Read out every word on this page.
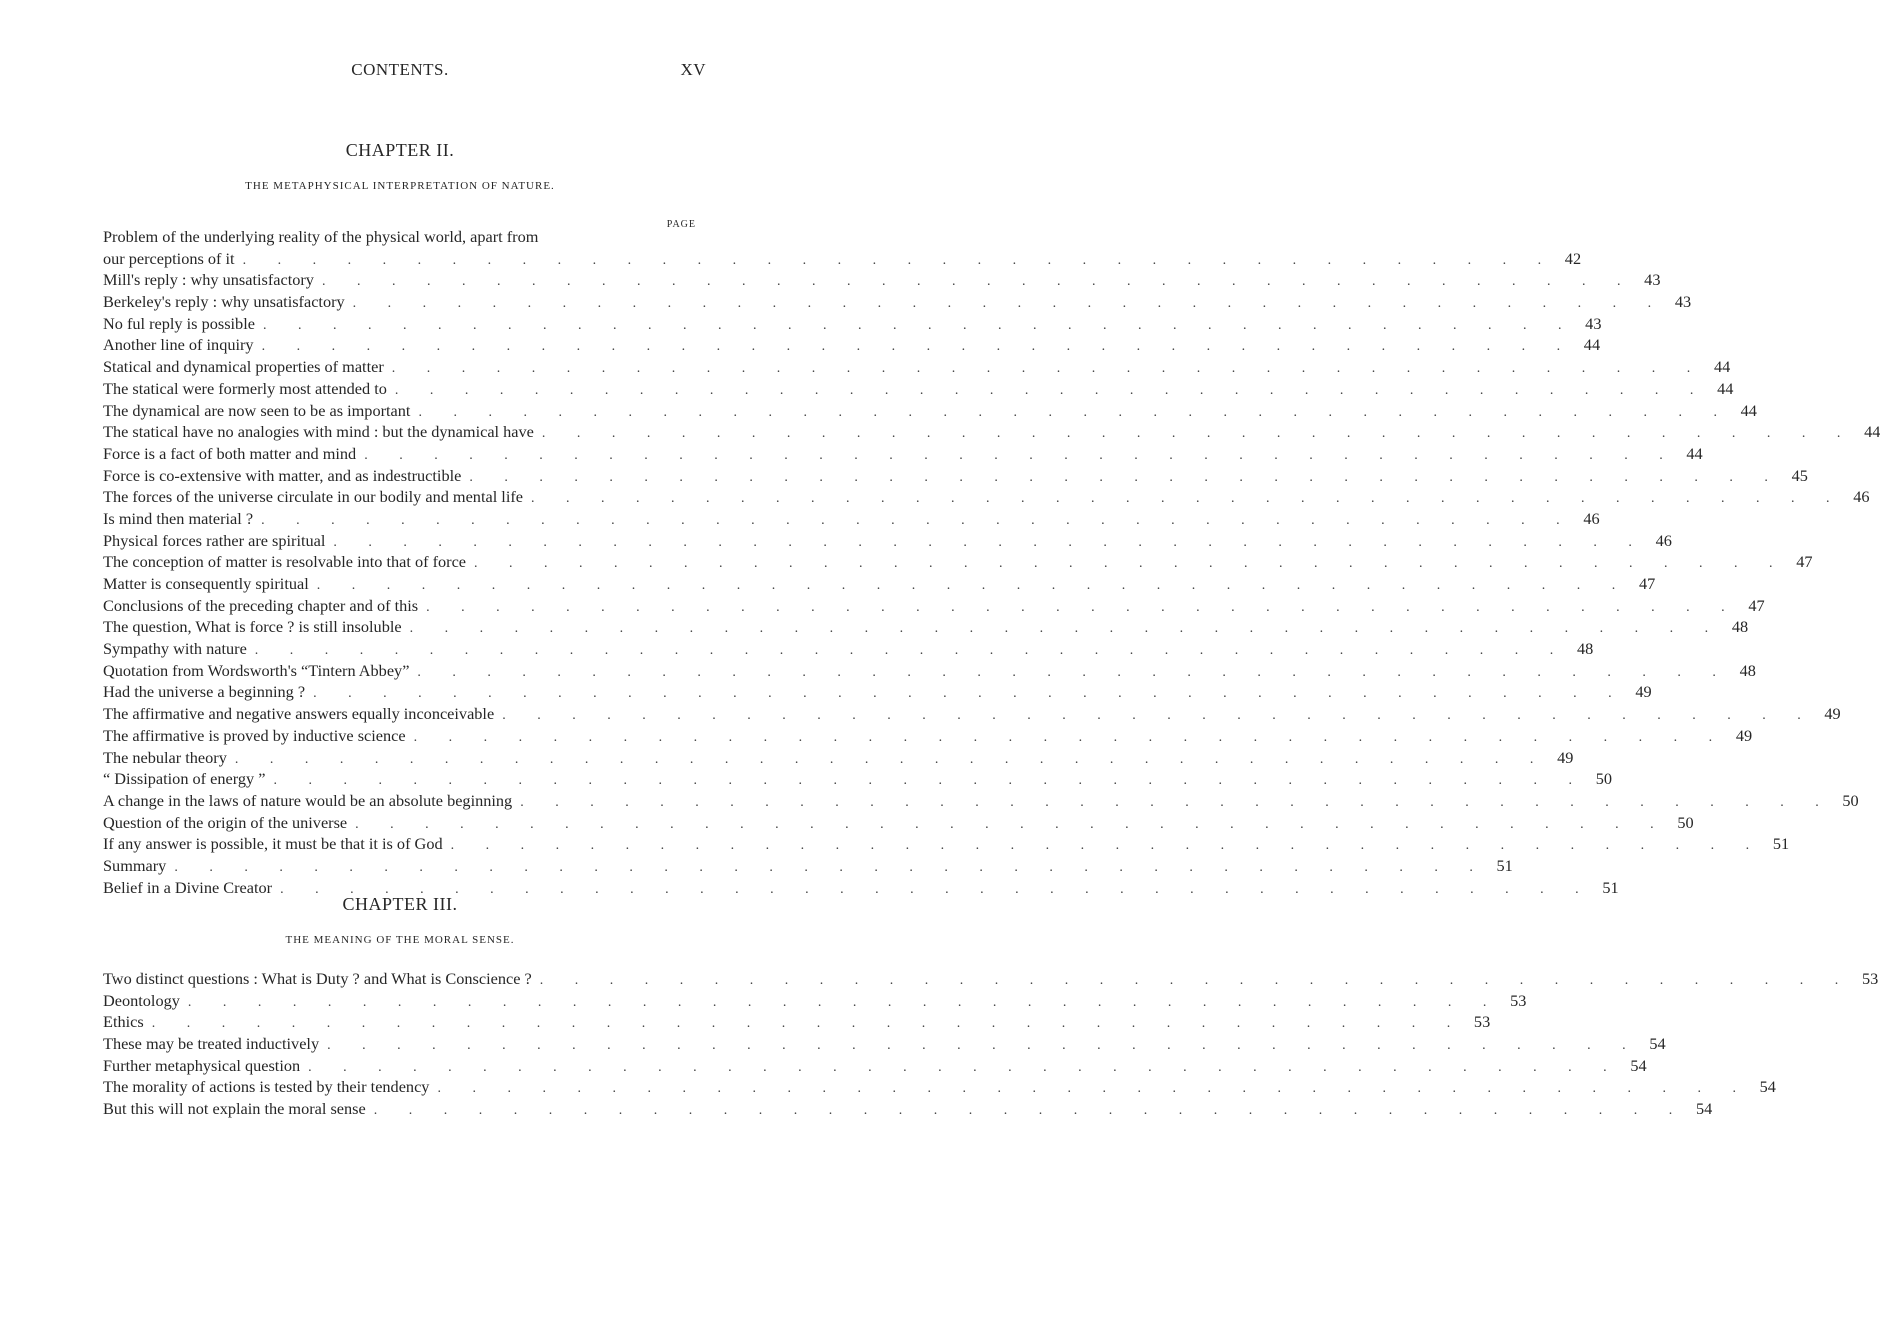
CONTENTS.	XV
CHAPTER II.
THE METAPHYSICAL INTERPRETATION OF NATURE.
PAGE
Problem of the underlying reality of the physical world, apart from
our perceptions of it . . . . . . . . . . . . . . . . . . . . . . . . . . . . . . . . . . . . . . 42
Mill's reply : why unsatisfactory . . . . . . . . . . . . . . . . . . . . . . . . . . . . . . . . . . . . . . 43
Berkeley's reply : why unsatisfactory . . . . . . . . . . . . . . . . . . . . . . . . . . . . . . . . . . . . . . 43
No ful reply is possible . . . . . . . . . . . . . . . . . . . . . . . . . . . . . . . . . . . . . . 43
Another line of inquiry . . . . . . . . . . . . . . . . . . . . . . . . . . . . . . . . . . . . . . 44
Statical and dynamical properties of matter . . . . . . . . . . . . . . . . . . . . . . . . . . . . . . . . . . . . . . 44
The statical were formerly most attended to . . . . . . . . . . . . . . . . . . . . . . . . . . . . . . . . . . . . . . 44
The dynamical are now seen to be as important . . . . . . . . . . . . . . . . . . . . . . . . . . . . . . . . . . . . . . 44
The statical have no analogies with mind : but the dynamical have . . . . . . . . . . . . . . . . . . . . . . . . . . . . . . . . . . . . . . 44
Force is a fact of both matter and mind . . . . . . . . . . . . . . . . . . . . . . . . . . . . . . . . . . . . . . 44
Force is co-extensive with matter, and as indestructible . . . . . . . . . . . . . . . . . . . . . . . . . . . . . . . . . . . . . . 45
The forces of the universe circulate in our bodily and mental life . . . . . . . . . . . . . . . . . . . . . . . . . . . . . . . . . . . . . . 46
Is mind then material ? . . . . . . . . . . . . . . . . . . . . . . . . . . . . . . . . . . . . . . 46
Physical forces rather are spiritual . . . . . . . . . . . . . . . . . . . . . . . . . . . . . . . . . . . . . . 46
The conception of matter is resolvable into that of force . . . . . . . . . . . . . . . . . . . . . . . . . . . . . . . . . . . . . . 47
Matter is consequently spiritual . . . . . . . . . . . . . . . . . . . . . . . . . . . . . . . . . . . . . . 47
Conclusions of the preceding chapter and of this . . . . . . . . . . . . . . . . . . . . . . . . . . . . . . . . . . . . . . 47
The question, What is force ? is still insoluble . . . . . . . . . . . . . . . . . . . . . . . . . . . . . . . . . . . . . . 48
Sympathy with nature . . . . . . . . . . . . . . . . . . . . . . . . . . . . . . . . . . . . . . 48
Quotation from Wordsworth's “Tintern Abbey” . . . . . . . . . . . . . . . . . . . . . . . . . . . . . . . . . . . . . . 48
Had the universe a beginning ? . . . . . . . . . . . . . . . . . . . . . . . . . . . . . . . . . . . . . . 49
The affirmative and negative answers equally inconceivable . . . . . . . . . . . . . . . . . . . . . . . . . . . . . . . . . . . . . . 49
The affirmative is proved by inductive science . . . . . . . . . . . . . . . . . . . . . . . . . . . . . . . . . . . . . . 49
The nebular theory . . . . . . . . . . . . . . . . . . . . . . . . . . . . . . . . . . . . . . 49
“ Dissipation of energy ” . . . . . . . . . . . . . . . . . . . . . . . . . . . . . . . . . . . . . . 50
A change in the laws of nature would be an absolute beginning . . . . . . . . . . . . . . . . . . . . . . . . . . . . . . . . . . . . . . 50
Question of the origin of the universe . . . . . . . . . . . . . . . . . . . . . . . . . . . . . . . . . . . . . . 50
If any answer is possible, it must be that it is of God . . . . . . . . . . . . . . . . . . . . . . . . . . . . . . . . . . . . . . 51
Summary . . . . . . . . . . . . . . . . . . . . . . . . . . . . . . . . . . . . . . 51
Belief in a Divine Creator . . . . . . . . . . . . . . . . . . . . . . . . . . . . . . . . . . . . . . 51
CHAPTER III.
THE MEANING OF THE MORAL SENSE.
Two distinct questions : What is Duty ? and What is Conscience ? . . . . . . . . . . . . . . . . . . . . . . . . . . . . . . . . . . . . . . 53
Deontology . . . . . . . . . . . . . . . . . . . . . . . . . . . . . . . . . . . . . . 53
Ethics . . . . . . . . . . . . . . . . . . . . . . . . . . . . . . . . . . . . . . 53
These may be treated inductively . . . . . . . . . . . . . . . . . . . . . . . . . . . . . . . . . . . . . . 54
Further metaphysical question . . . . . . . . . . . . . . . . . . . . . . . . . . . . . . . . . . . . . . 54
The morality of actions is tested by their tendency . . . . . . . . . . . . . . . . . . . . . . . . . . . . . . . . . . . . . . 54
But this will not explain the moral sense . . . . . . . . . . . . . . . . . . . . . . . . . . . . . . . . . . . . . . 54
